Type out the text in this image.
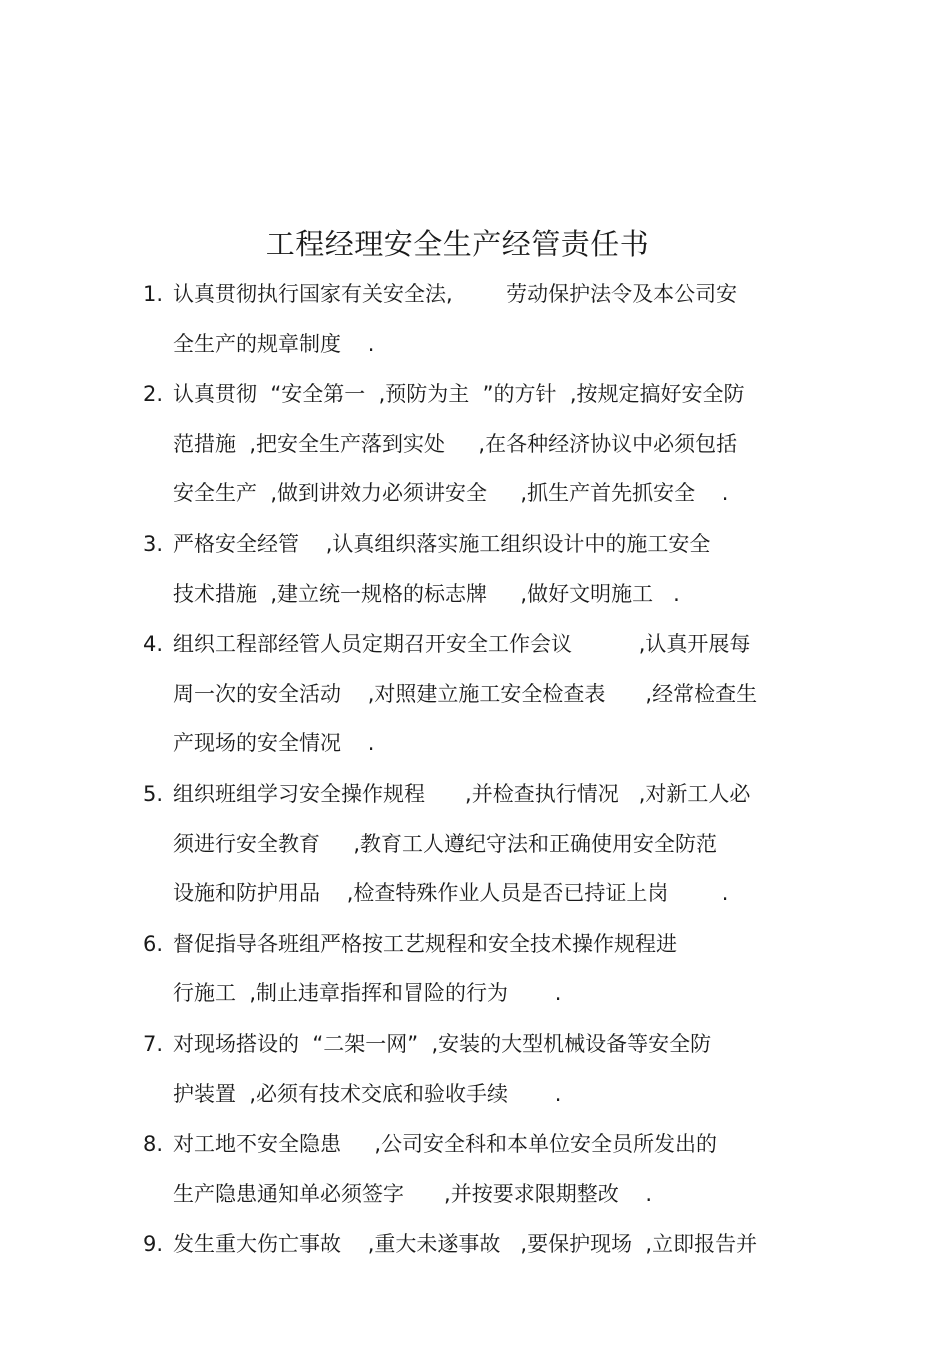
工程经理安全生产经管责任书
1. 认真贯彻执行国家有关安全法,        劳动保护法令及本公司安
全生产的规章制度    .
2. 认真贯彻  “安全第一  ,预防为主  ”的方针  ,按规定搞好安全防
范措施  ,把安全生产落到实处     ,在各种经济协议中必须包括
安全生产  ,做到讲效力必须讲安全     ,抓生产首先抓安全    .
3. 严格安全经管    ,认真组织落实施工组织设计中的施工安全
技术措施  ,建立统一规格的标志牌     ,做好文明施工   .
4. 组织工程部经管人员定期召开安全工作会议          ,认真开展每
周一次的安全活动    ,对照建立施工安全检查表      ,经常检查生
产现场的安全情况    .
5. 组织班组学习安全操作规程      ,并检查执行情况   ,对新工人必
须进行安全教育     ,教育工人遵纪守法和正确使用安全防范
设施和防护用品    ,检查特殊作业人员是否已持证上岗        .
6. 督促指导各班组严格按工艺规程和安全技术操作规程进
行施工  ,制止违章指挥和冒险的行为       .
7. 对现场搭设的  “二架一网”  ,安装的大型机械设备等安全防
护装置  ,必须有技术交底和验收手续       .
8. 对工地不安全隐患     ,公司安全科和本单位安全员所发出的
生产隐患通知单必须签字      ,并按要求限期整改    .
9. 发生重大伤亡事故    ,重大未遂事故   ,要保护现场  ,立即报告并
